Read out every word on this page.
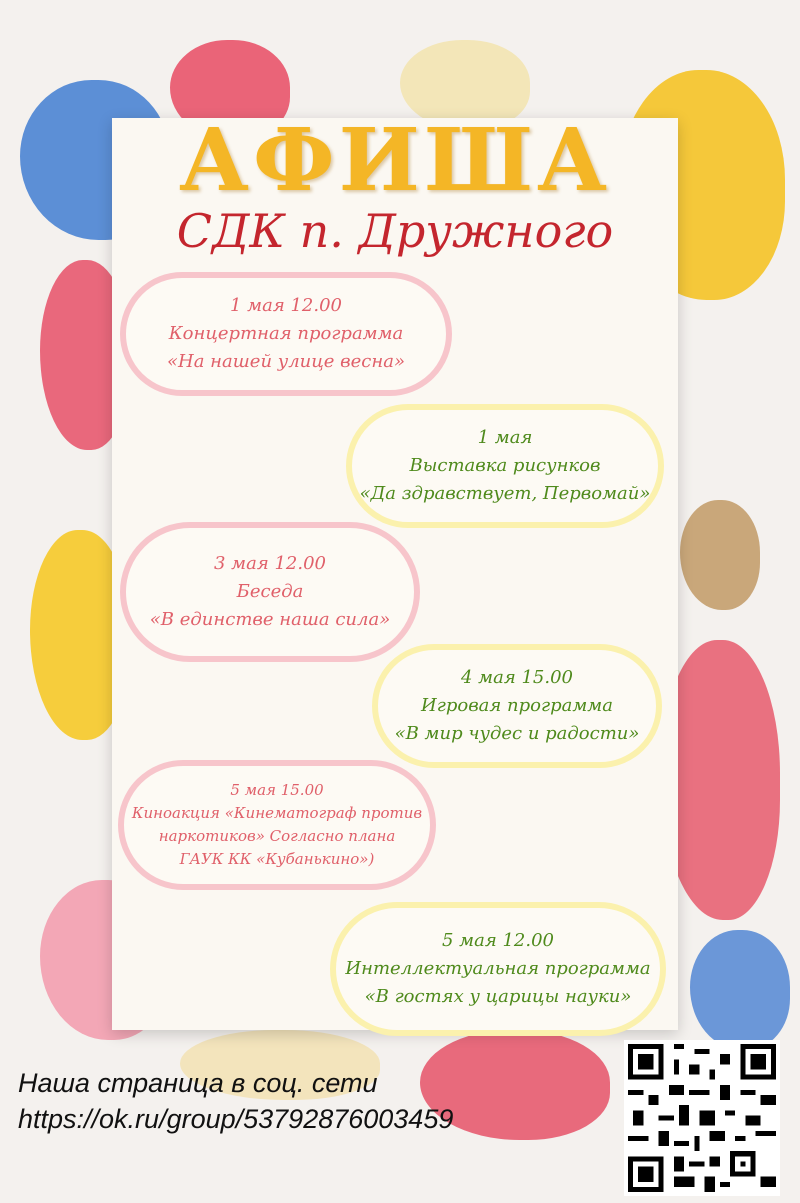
АФИША
СДК п. Дружного
1 мая 12.00
Концертная программа
«На нашей улице весна»
1 мая
Выставка рисунков
«Да здравствует, Первомай»
3 мая 12.00
Беседа
«В единстве наша сила»
4 мая 15.00
Игровая программа
«В мир чудес и радости»
5 мая 15.00
Киноакция «Кинематограф против
наркотиков» Согласно плана
ГАУК КК «Кубанькино»)
5 мая 12.00
Интеллектуальная программа
«В гостях у царицы науки»
Наша страница в соц. сети
https://ok.ru/group/53792876003459
